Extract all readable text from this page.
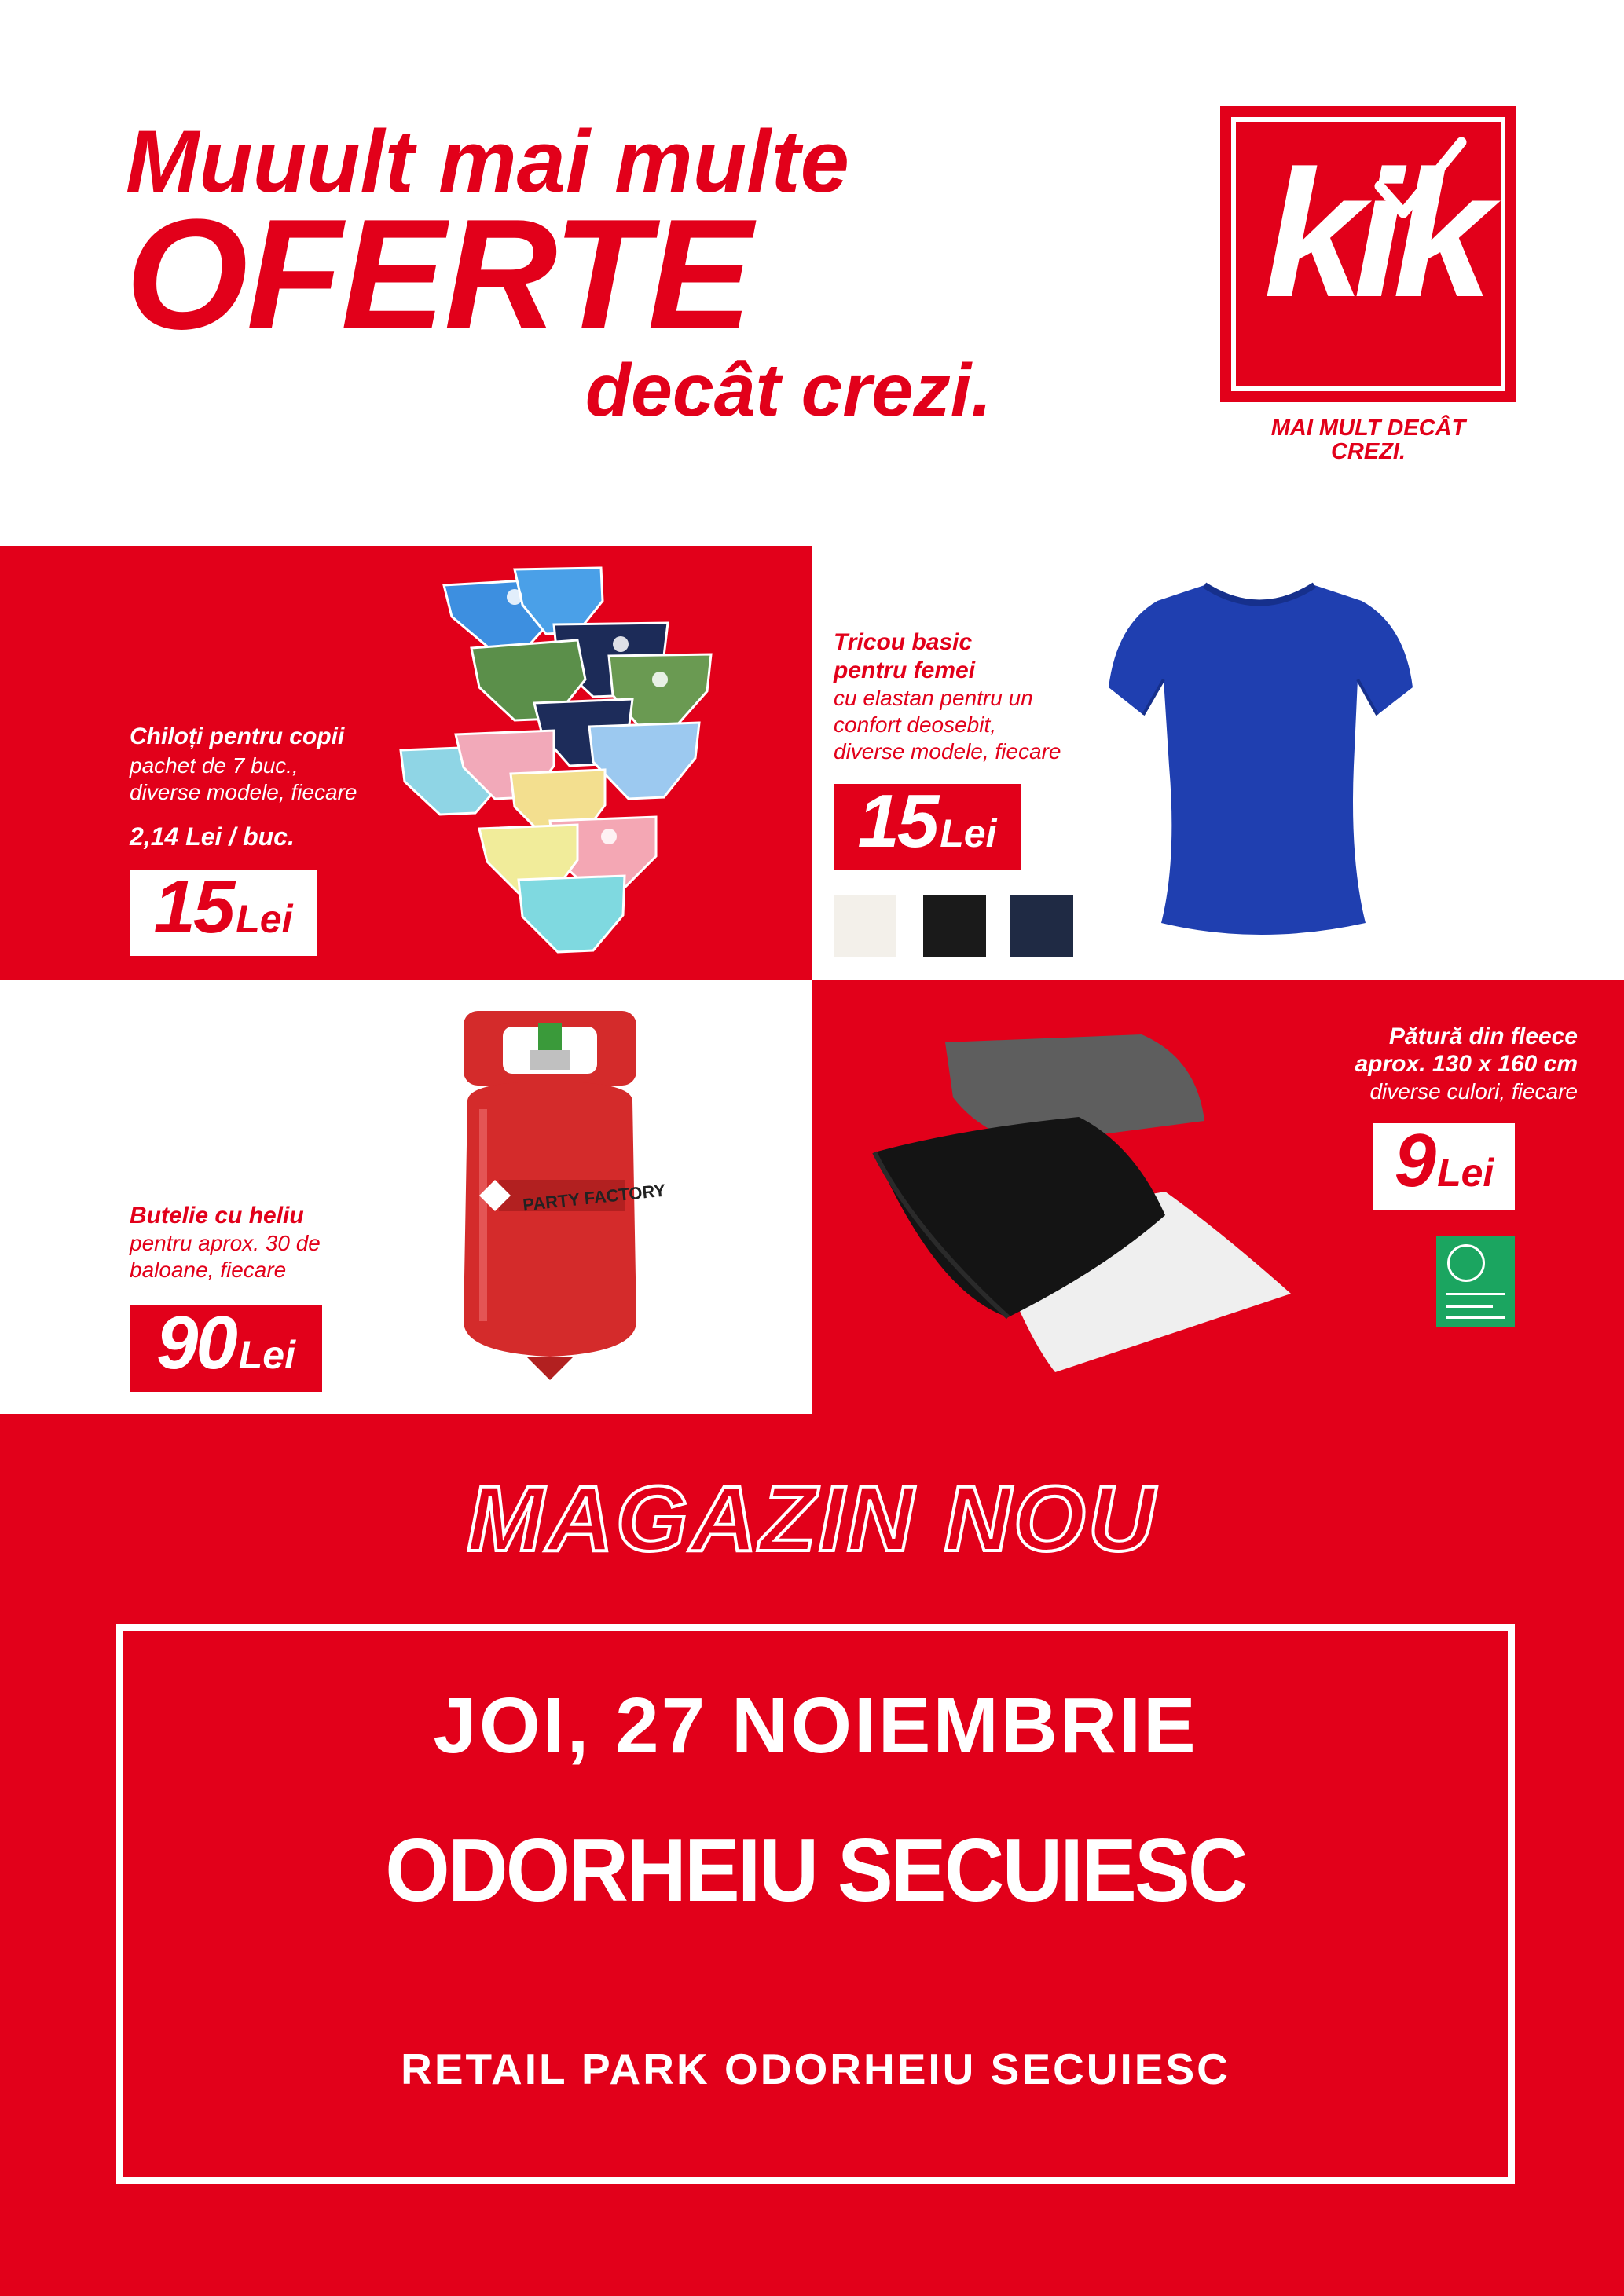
Muuult mai multe
OFERTE
decât crezi.
kik
MAI MULT DECÂT
CREZI.
Chiloți pentru copii
pachet de 7 buc.,
diverse modele, fiecare
2,14 Lei / buc.
15 Lei
Tricou basic
pentru femei
cu elastan pentru un
confort deosebit,
diverse modele, fiecare
15 Lei
PARTY FACTORY
Butelie cu heliu
pentru aprox. 30 de
baloane, fiecare
90 Lei
Pătură din fleece
aprox. 130 x 160 cm
diverse culori, fiecare
9 Lei
MAGAZIN NOU
JOI, 27 NOIEMBRIE
ODORHEIU SECUIESC
RETAIL PARK ODORHEIU SECUIESC
